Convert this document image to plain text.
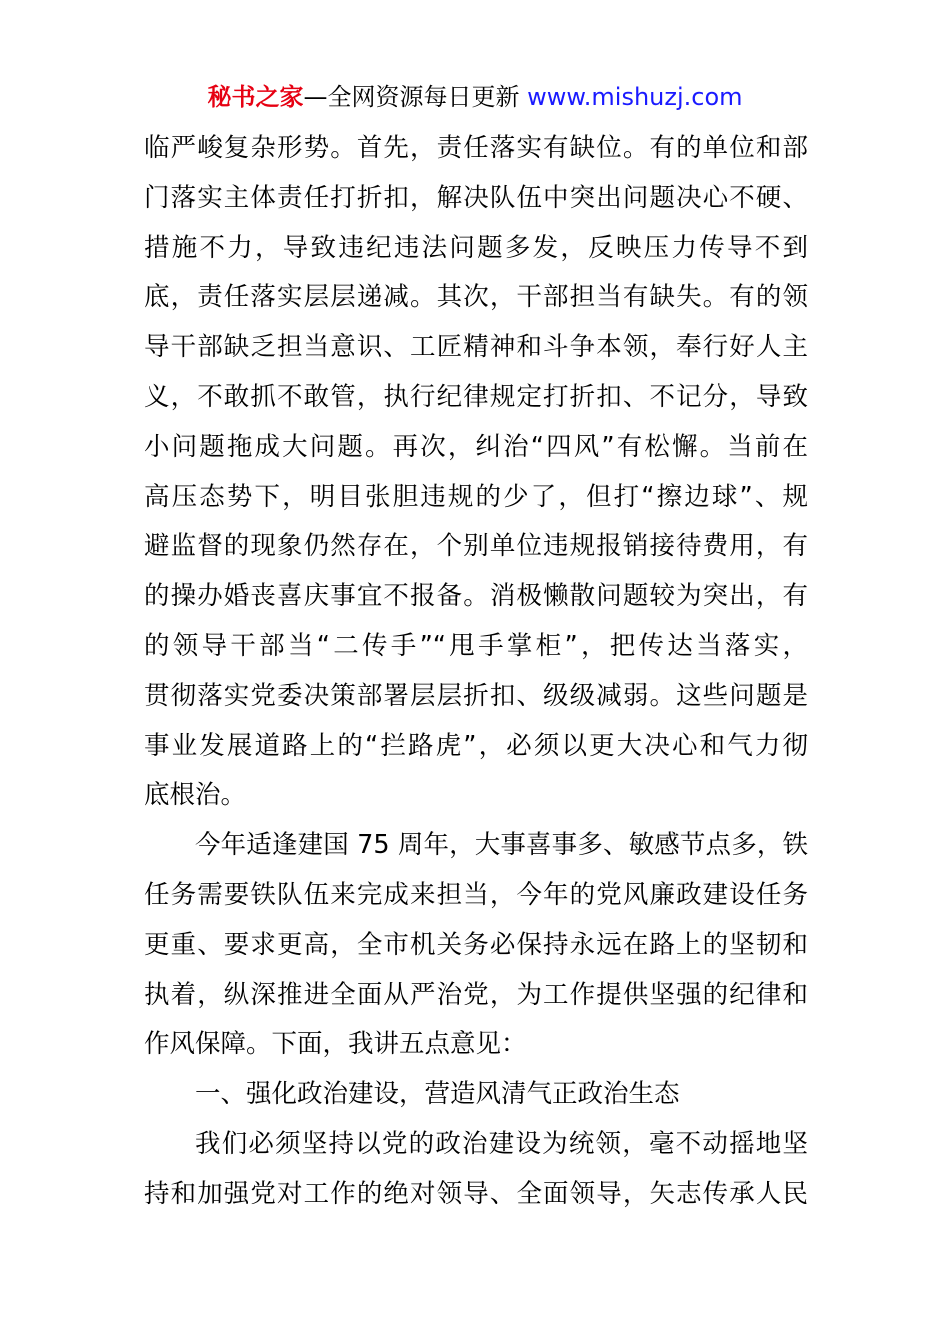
秘书之家—全网资源每日更新 www.mishuzj.com
临严峻复杂形势。首先，责任落实有缺位。有的单位和部
门落实主体责任打折扣，解决队伍中突出问题决心不硬、
措施不力，导致违纪违法问题多发，反映压力传导不到
底，责任落实层层递减。其次，干部担当有缺失。有的领
导干部缺乏担当意识、工匠精神和斗争本领，奉行好人主
义，不敢抓不敢管，执行纪律规定打折扣、不记分，导致
小问题拖成大问题。再次，纠治“四风”有松懈。当前在
高压态势下，明目张胆违规的少了，但打“擦边球”、规
避监督的现象仍然存在，个别单位违规报销接待费用，有
的操办婚丧喜庆事宜不报备。消极懒散问题较为突出，有
的领导干部当“二传手”“甩手掌柜”，把传达当落实，
贯彻落实党委决策部署层层折扣、级级减弱。这些问题是
事业发展道路上的“拦路虎”，必须以更大决心和气力彻
底根治。
今年适逢建国 75 周年，大事喜事多、敏感节点多，铁
任务需要铁队伍来完成来担当，今年的党风廉政建设任务
更重、要求更高，全市机关务必保持永远在路上的坚韧和
执着，纵深推进全面从严治党，为工作提供坚强的纪律和
作风保障。下面，我讲五点意见：
一、强化政治建设，营造风清气正政治生态
我们必须坚持以党的政治建设为统领，毫不动摇地坚
持和加强党对工作的绝对领导、全面领导，矢志传承人民
